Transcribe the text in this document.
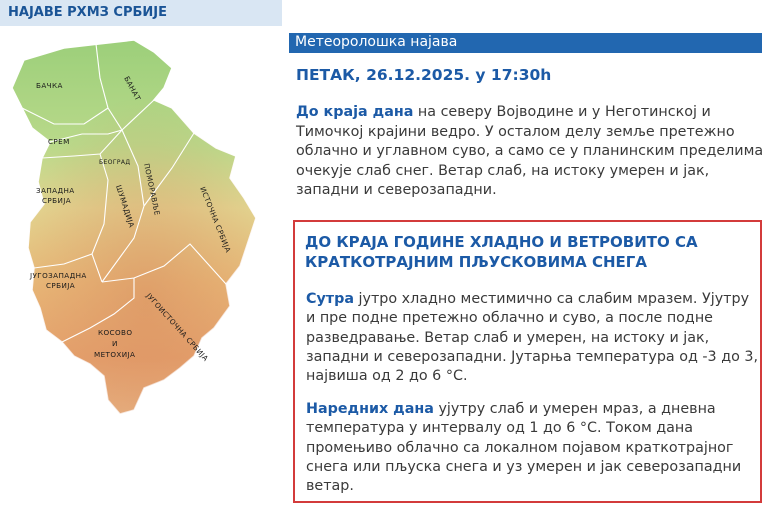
НАЈАВЕ РХМЗ СРБИЈЕ
БАЧКА	БАНАТ
СРЕМ
БЕОГРАД
ЗАПАДНА
СРБИЈА	ШУМАДИЈА ПОМОРАВЉЕ	ИСТОЧНА СРБИЈА
ЈУГОЗАПАДНА
СРБИЈА
ЈУГОИСТОЧНА СРБИЈА
КОСОВО
И
МЕТОХИЈА
Метеоролошка најава
ПЕТАК, 26.12.2025. у 17:30h
До краја дана на северу Војводине и у Неготинској и Тимочкој крајини ведро. У осталом делу земље претежно облачно и углавном суво, а само се у планинским пределима очекује слаб снег. Ветар слаб, на истоку умерен и јак, западни и северозападни.
ДО КРАЈА ГОДИНЕ ХЛАДНО И ВЕТРОВИТО СА КРАТКОТРАЈНИМ ПЉУСКОВИМА СНЕГА
Сутра јутро хладно местимично са слабим мразем. Ујутру и пре подне претежно облачно и суво, а после подне разведравање. Ветар слаб и умерен, на истоку и јак, западни и северозападни. Јутарња температура од -3 до 3, највиша од 2 до 6 °C.
Наредних дана ујутру слаб и умерен мраз, а дневна температура у интервалу од 1 до 6 °C. Током дана промењиво облачно са локалном појавом краткотрајног снега или пљуска снега и уз умерен и јак северозападни ветар.
